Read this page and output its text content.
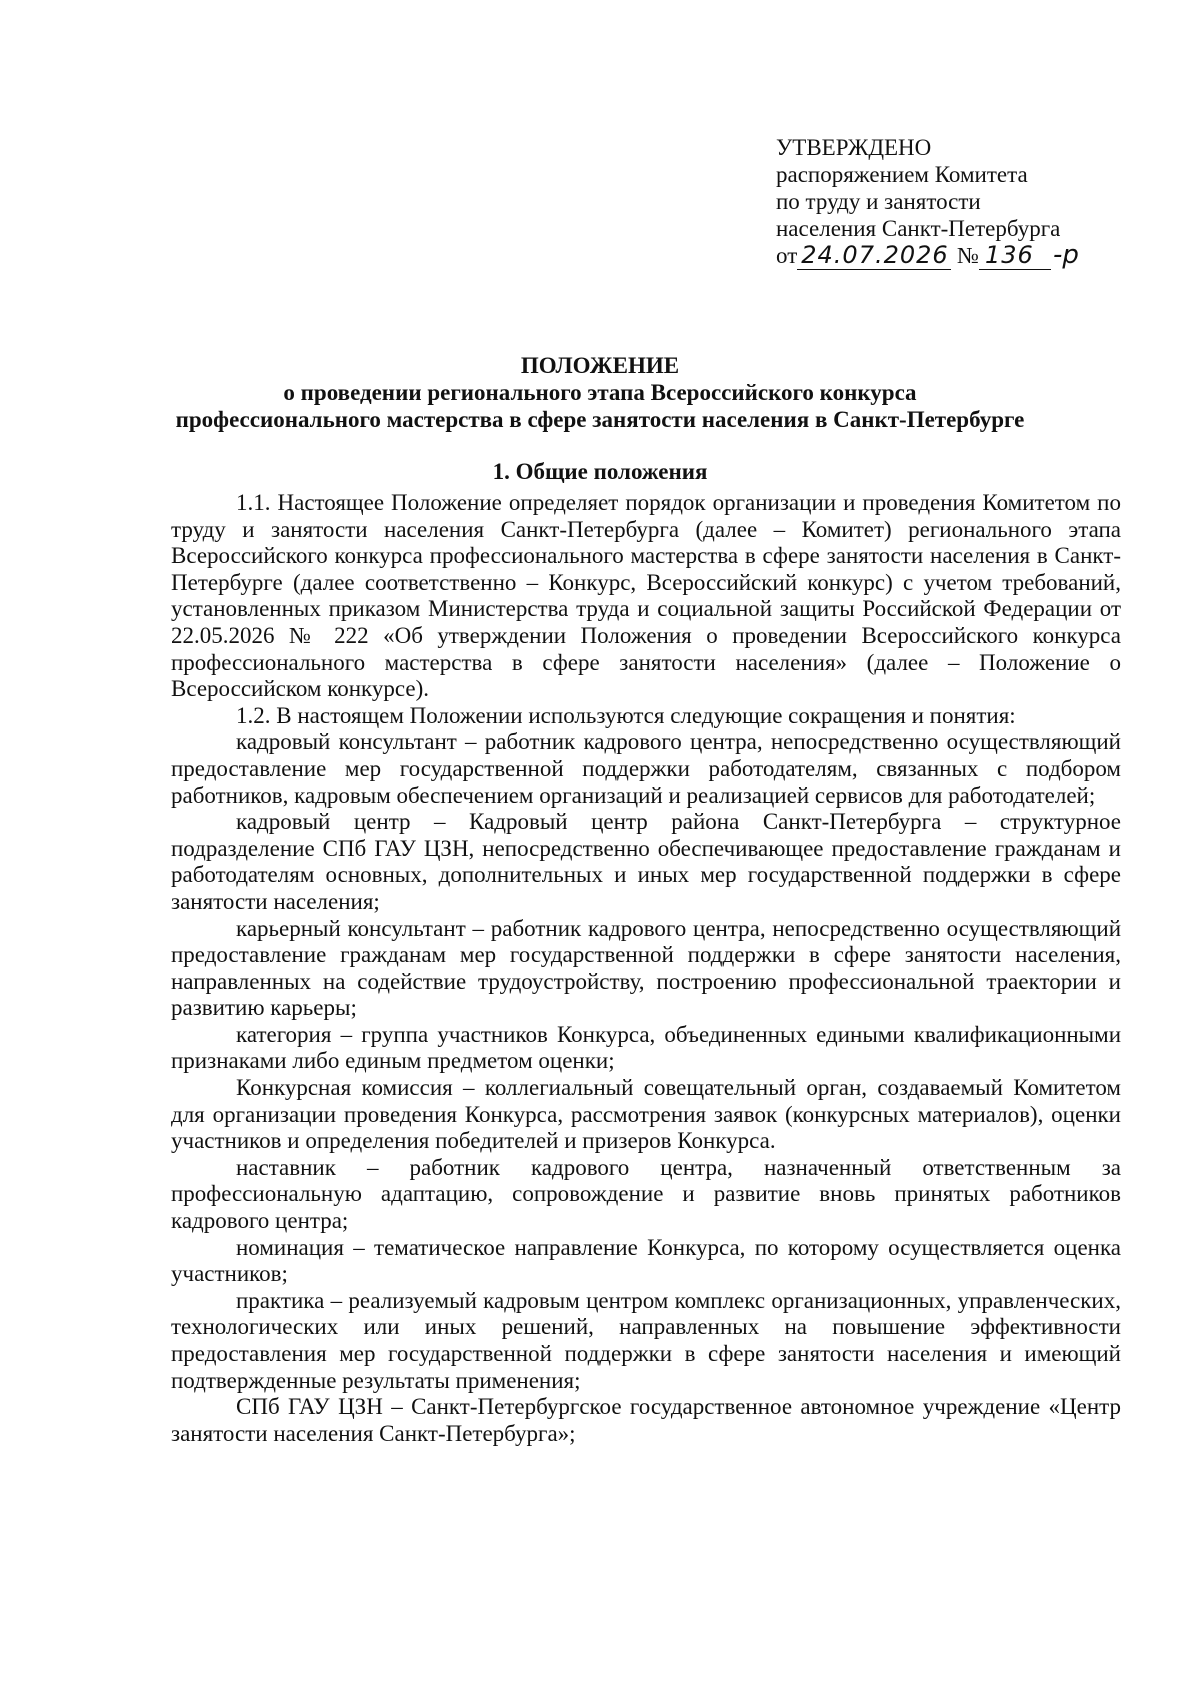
УТВЕРЖДЕНО
распоряжением Комитета
по труду и занятости
населения Санкт-Петербурга
от 24.07.2026 № 136 -р
ПОЛОЖЕНИЕ
о проведении регионального этапа Всероссийского конкурса
профессионального мастерства в сфере занятости населения в Санкт-Петербурге
1. Общие положения

1.1. Настоящее Положение определяет порядок организации и проведения Комитетом по труду и занятости населения Санкт-Петербурга (далее – Комитет) регионального этапа Всероссийского конкурса профессионального мастерства в сфере занятости населения в Санкт-Петербурге (далее соответственно – Конкурс, Всероссийский конкурс) с учетом требований, установленных приказом Министерства труда и социальной защиты Российской Федерации от 22.05.2026 № 222 «Об утверждении Положения о проведении Всероссийского конкурса профессионального мастерства в сфере занятости населения» (далее – Положение о Всероссийском конкурсе).

1.2. В настоящем Положении используются следующие сокращения и понятия:

кадровый консультант – работник кадрового центра, непосредственно осуществляющий предоставление мер государственной поддержки работодателям, связанных с подбором работников, кадровым обеспечением организаций и реализацией сервисов для работодателей;

кадровый центр – Кадровый центр района Санкт-Петербурга – структурное подразделение СПб ГАУ ЦЗН, непосредственно обеспечивающее предоставление гражданам и работодателям основных, дополнительных и иных мер государственной поддержки в сфере занятости населения;

карьерный консультант – работник кадрового центра, непосредственно осуществляющий предоставление гражданам мер государственной поддержки в сфере занятости населения, направленных на содействие трудоустройству, построению профессиональной траектории и развитию карьеры;

категория – группа участников Конкурса, объединенных едиными квалификационными признаками либо единым предметом оценки;

Конкурсная комиссия – коллегиальный совещательный орган, создаваемый Комитетом для организации проведения Конкурса, рассмотрения заявок (конкурсных материалов), оценки участников и определения победителей и призеров Конкурса.

наставник – работник кадрового центра, назначенный ответственным за профессиональную адаптацию, сопровождение и развитие вновь принятых работников кадрового центра;

номинация – тематическое направление Конкурса, по которому осуществляется оценка участников;

практика – реализуемый кадровым центром комплекс организационных, управленческих, технологических или иных решений, направленных на повышение эффективности предоставления мер государственной поддержки в сфере занятости населения и имеющий подтвержденные результаты применения;

СПб ГАУ ЦЗН – Санкт-Петербургское государственное автономное учреждение «Центр занятости населения Санкт-Петербурга»;
